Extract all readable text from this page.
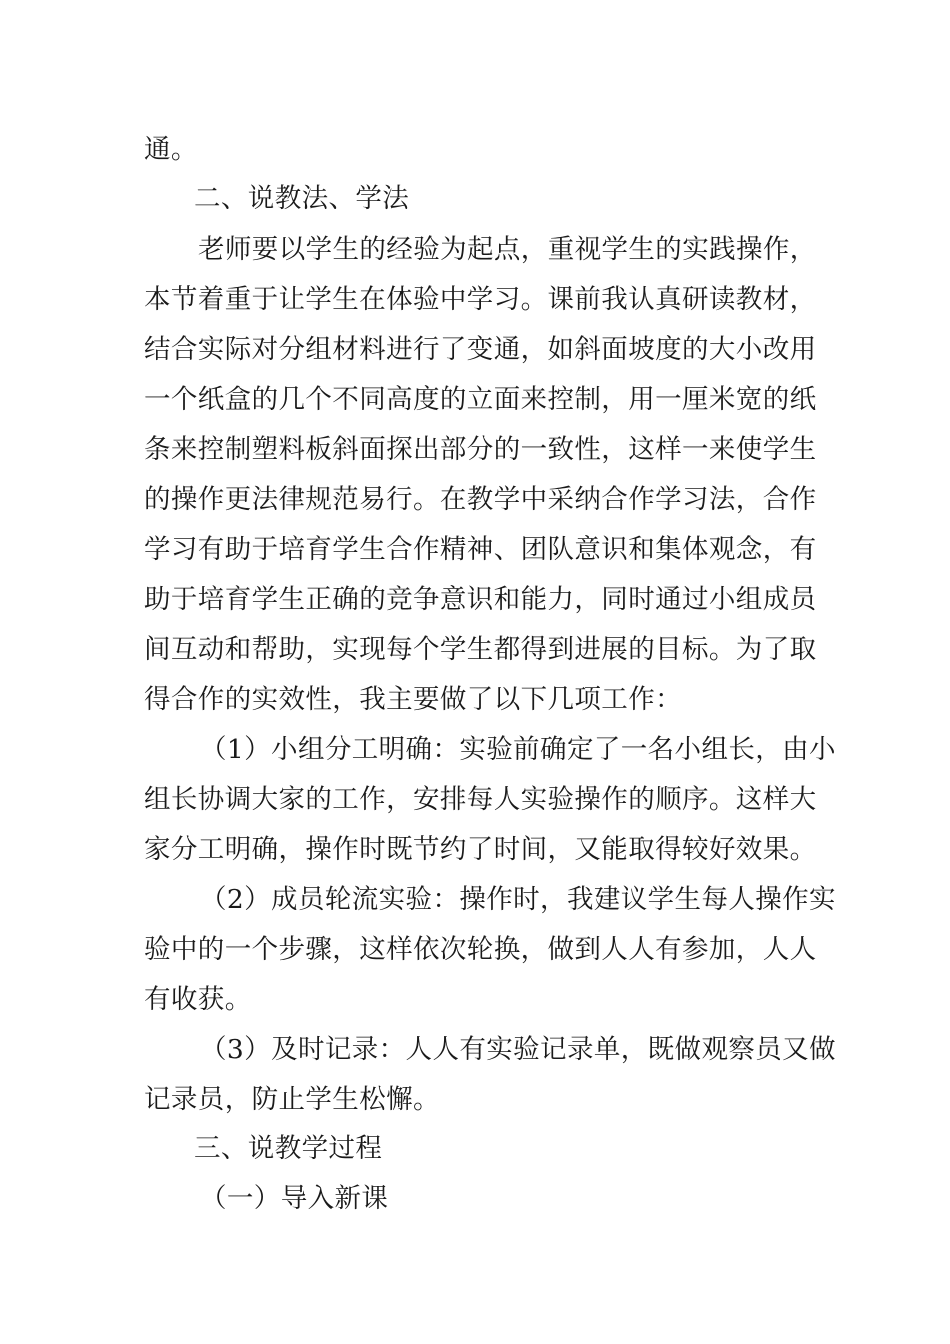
通。
二、说教法、学法
老师要以学生的经验为起点，重视学生的实践操作，
本节着重于让学生在体验中学习。课前我认真研读教材，
结合实际对分组材料进行了变通，如斜面坡度的大小改用
一个纸盒的几个不同高度的立面来控制，用一厘米宽的纸
条来控制塑料板斜面探出部分的一致性，这样一来使学生
的操作更法律规范易行。在教学中采纳合作学习法，合作
学习有助于培育学生合作精神、团队意识和集体观念，有
助于培育学生正确的竞争意识和能力，同时通过小组成员
间互动和帮助，实现每个学生都得到进展的目标。为了取
得合作的实效性，我主要做了以下几项工作：
（1）小组分工明确：实验前确定了一名小组长，由小
组长协调大家的工作，安排每人实验操作的顺序。这样大
家分工明确，操作时既节约了时间，又能取得较好效果。
（2）成员轮流实验：操作时，我建议学生每人操作实
验中的一个步骤，这样依次轮换，做到人人有参加，人人
有收获。
（3）及时记录：人人有实验记录单，既做观察员又做
记录员，防止学生松懈。
三、说教学过程
（一）导入新课
